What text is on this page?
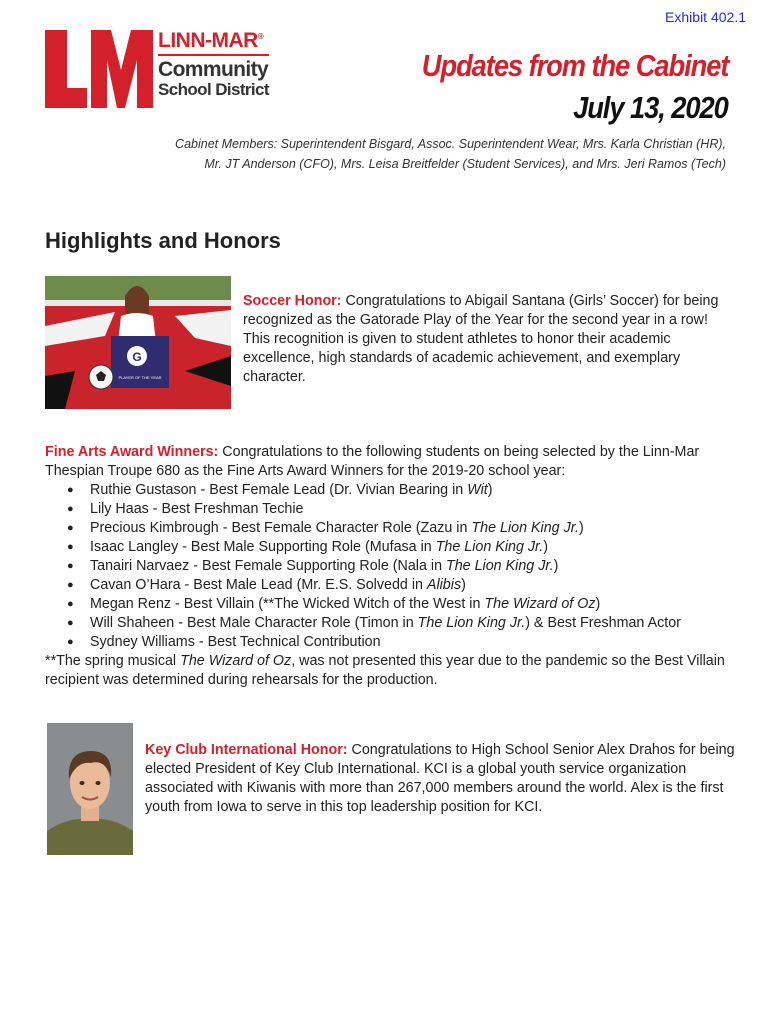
Exhibit 402.1
LINN-MAR®
Community
School District
Updates from the Cabinet
July 13, 2020
Cabinet Members: Superintendent Bisgard, Assoc. Superintendent Wear, Mrs. Karla Christian (HR),
Mr. JT Anderson (CFO), Mrs. Leisa Breitfelder (Student Services), and Mrs. Jeri Ramos (Tech)
Highlights and Honors
G
PLAYER OF THE YEAR
Soccer Honor: Congratulations to Abigail Santana (Girls’ Soccer) for being recognized as the Gatorade Play of the Year for the second year in a row! This recognition is given to student athletes to honor their academic excellence, high standards of academic achievement, and exemplary character.
Fine Arts Award Winners: Congratulations to the following students on being selected by the Linn-Mar Thespian Troupe 680 as the Fine Arts Award Winners for the 2019-20 school year:
● Ruthie Gustason - Best Female Lead (Dr. Vivian Bearing in Wit)
● Lily Haas - Best Freshman Techie
● Precious Kimbrough - Best Female Character Role (Zazu in The Lion King Jr.)
● Isaac Langley - Best Male Supporting Role (Mufasa in The Lion King Jr.)
● Tanairi Narvaez - Best Female Supporting Role (Nala in The Lion King Jr.)
● Cavan O’Hara - Best Male Lead (Mr. E.S. Solvedd in Alibis)
● Megan Renz - Best Villain (**The Wicked Witch of the West in The Wizard of Oz)
● Will Shaheen - Best Male Character Role (Timon in The Lion King Jr.) & Best Freshman Actor
● Sydney Williams - Best Technical Contribution

**The spring musical The Wizard of Oz, was not presented this year due to the pandemic so the Best Villain recipient was determined during rehearsals for the production.

Key Club International Honor: Congratulations to High School Senior Alex Drahos for being elected President of Key Club International. KCI is a global youth service organization associated with Kiwanis with more than 267,000 members around the world. Alex is the first youth from Iowa to serve in this top leadership position for KCI.
